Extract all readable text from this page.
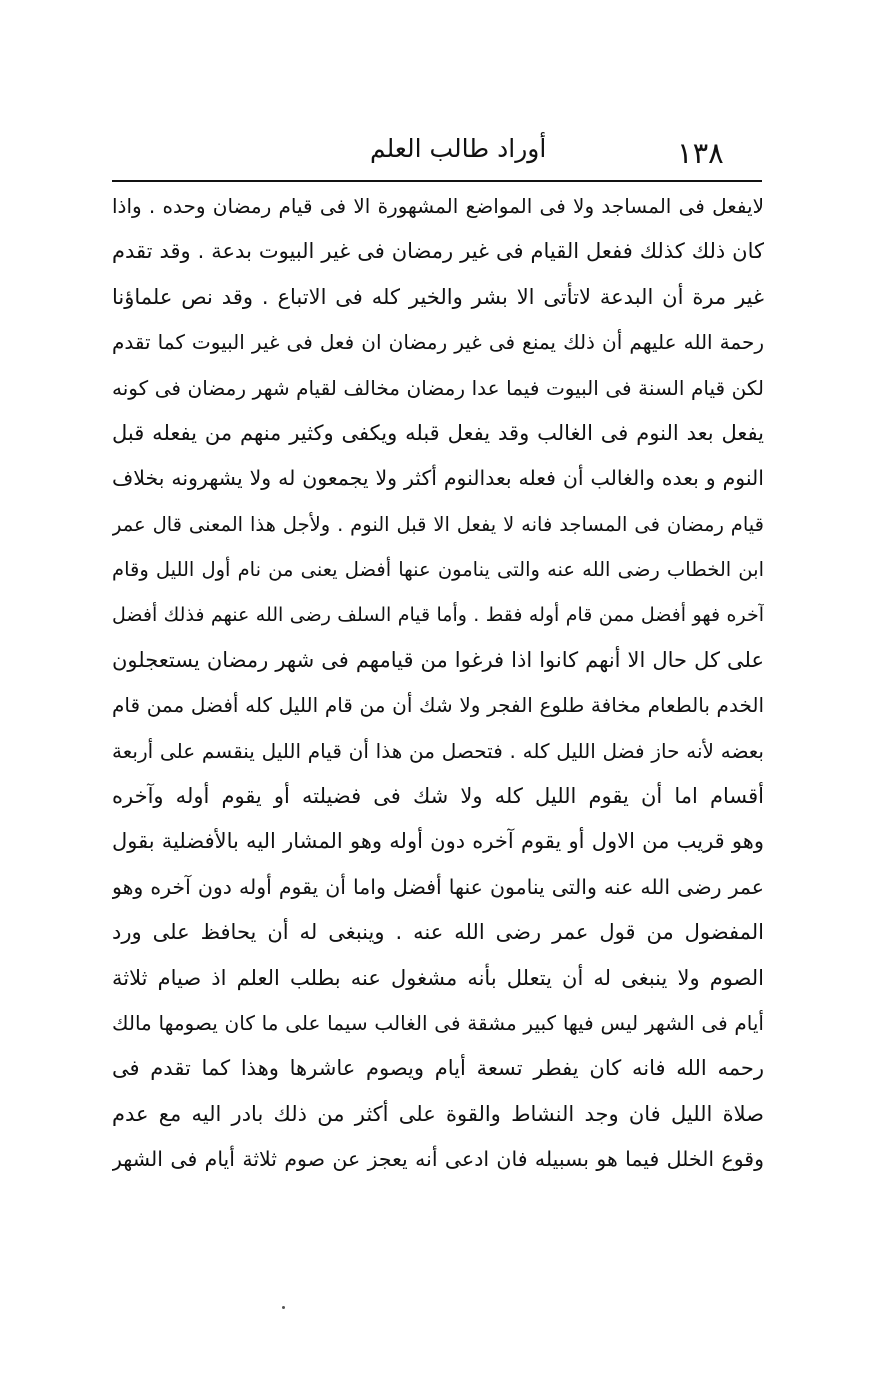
١٣٨
أوراد طالب العلم
لايفعل فى المساجد ولا فى المواضع المشهورة الا فى قيام رمضان وحده . واذا
كان ذلك كذلك ففعل القيام فى غير رمضان فى غير البيوت بدعة . وقد تقدم
غير مرة أن البدعة لاتأتى الا بشر والخير كله فى الاتباع . وقد نص علماؤنا
رحمة الله عليهم أن ذلك يمنع فى غير رمضان ان فعل فى غير البيوت كما تقدم
لكن قيام السنة فى البيوت فيما عدا رمضان مخالف لقيام شهر رمضان فى كونه
يفعل بعد النوم فى الغالب وقد يفعل قبله ويكفى وكثير منهم من يفعله قبل
النوم و بعده والغالب أن فعله بعدالنوم أكثر ولا يجمعون له ولا يشهرونه بخلاف
قيام رمضان فى المساجد فانه لا يفعل الا قبل النوم . ولأجل هذا المعنى قال عمر
ابن الخطاب رضى الله عنه والتى ينامون عنها أفضل يعنى من نام أول الليل وقام
آخره فهو أفضل ممن قام أوله فقط . وأما قيام السلف رضى الله عنهم فذلك أفضل
على كل حال الا أنهم كانوا اذا فرغوا من قيامهم فى شهر رمضان يستعجلون
الخدم بالطعام مخافة طلوع الفجر ولا شك أن من قام الليل كله أفضل ممن قام
بعضه لأنه حاز فضل الليل كله . فتحصل من هذا أن قيام الليل ينقسم على أربعة
أقسام اما أن يقوم الليل كله ولا شك فى فضيلته أو يقوم أوله وآخره
وهو قريب من الاول أو يقوم آخره دون أوله وهو المشار اليه بالأفضلية بقول
عمر رضى الله عنه والتى ينامون عنها أفضل واما أن يقوم أوله دون آخره وهو
المفضول من قول عمر رضى الله عنه . وينبغى له أن يحافظ على ورد
الصوم ولا ينبغى له أن يتعلل بأنه مشغول عنه بطلب العلم اذ صيام ثلاثة
أيام فى الشهر ليس فيها كبير مشقة فى الغالب سيما على ما كان يصومها مالك
رحمه الله فانه كان يفطر تسعة أيام ويصوم عاشرها وهذا كما تقدم فى
صلاة الليل فان وجد النشاط والقوة على أكثر من ذلك بادر اليه مع عدم
وقوع الخلل فيما هو بسبيله فان ادعى أنه يعجز عن صوم ثلاثة أيام فى الشهر
